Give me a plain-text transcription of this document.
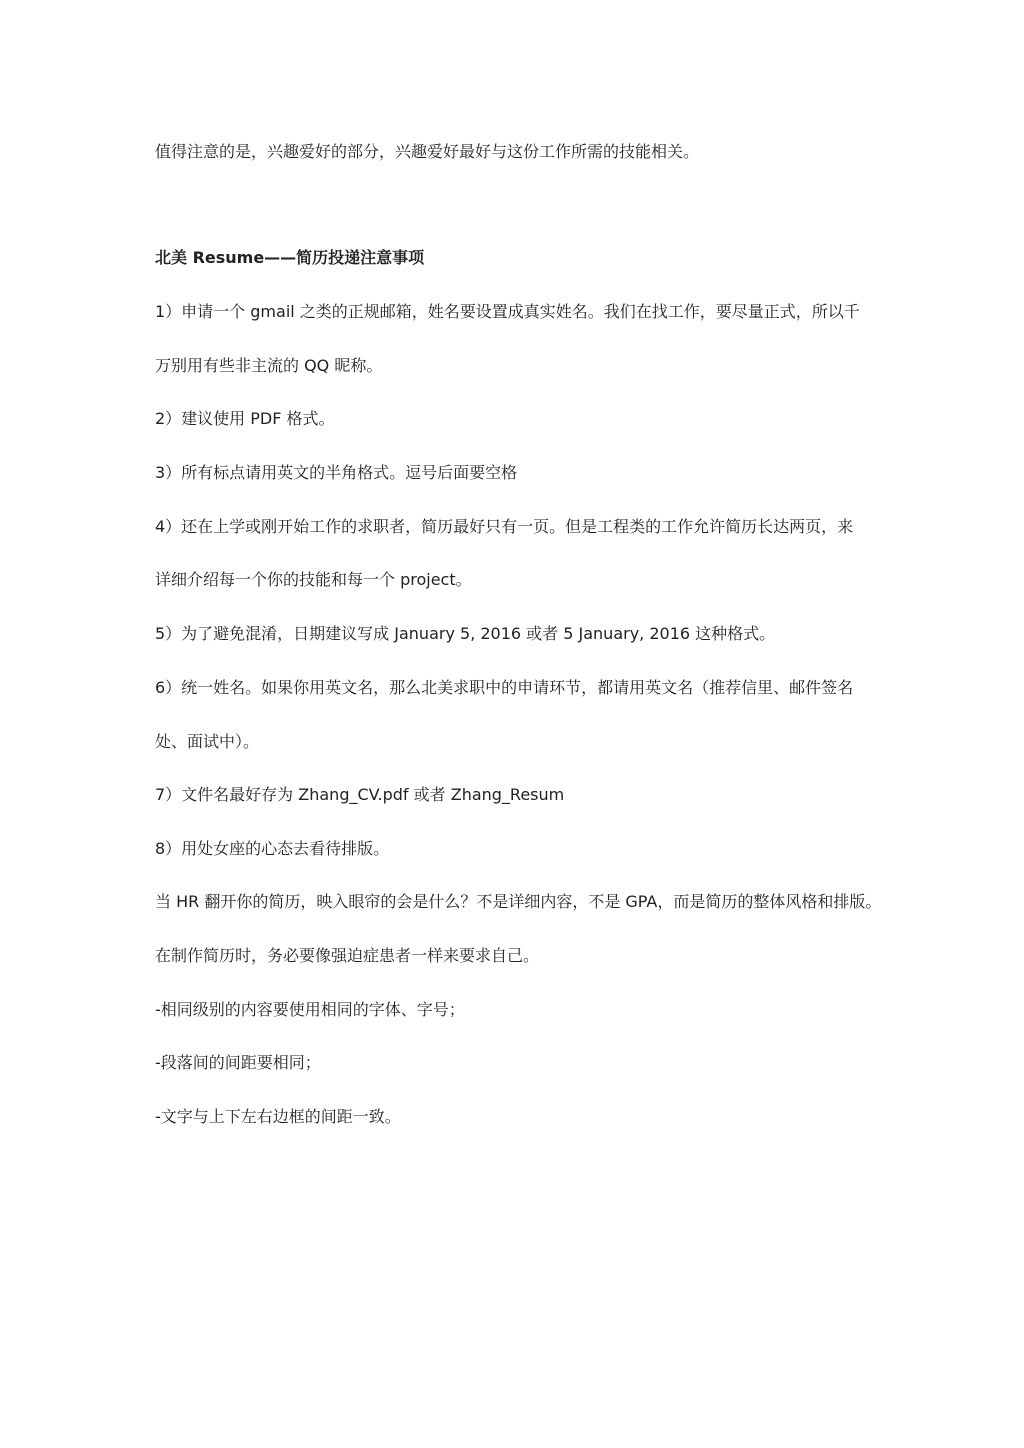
值得注意的是，兴趣爱好的部分，兴趣爱好最好与这份工作所需的技能相关。
北美 Resume——简历投递注意事项
1）申请一个 gmail 之类的正规邮箱，姓名要设置成真实姓名。我们在找工作，要尽量正式，所以千
万别用有些非主流的 QQ 昵称。
2）建议使用 PDF 格式。
3）所有标点请用英文的半角格式。逗号后面要空格
4）还在上学或刚开始工作的求职者，简历最好只有一页。但是工程类的工作允许简历长达两页，来
详细介绍每一个你的技能和每一个 project。
5）为了避免混淆，日期建议写成 January 5, 2016 或者 5 January, 2016 这种格式。
6）统一姓名。如果你用英文名，那么北美求职中的申请环节，都请用英文名（推荐信里、邮件签名
处、面试中）。
7）文件名最好存为 Zhang_CV.pdf 或者 Zhang_Resum
8）用处女座的心态去看待排版。
当 HR 翻开你的简历，映入眼帘的会是什么？不是详细内容，不是 GPA，而是简历的整体风格和排版。
在制作简历时，务必要像强迫症患者一样来要求自己。
-相同级别的内容要使用相同的字体、字号；
-段落间的间距要相同；
-文字与上下左右边框的间距一致。
